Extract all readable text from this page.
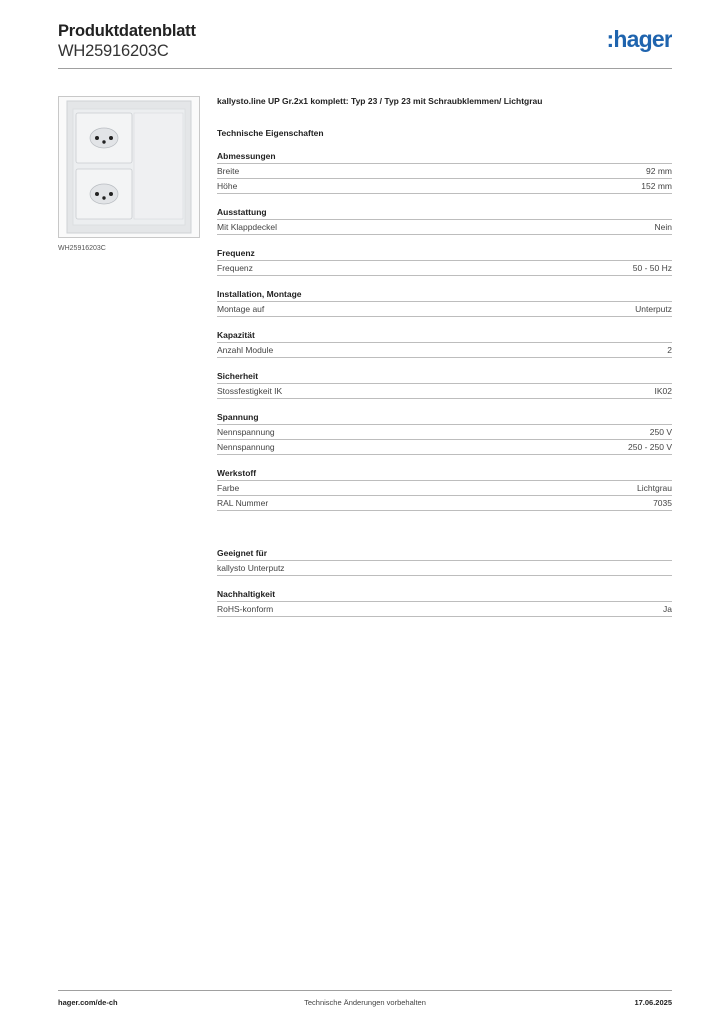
Produktdatenblatt
WH25916203C	:hager
WH25916203C
kallysto.line UP Gr.2x1 komplett: Typ 23 / Typ 23 mit Schraubklemmen/ Lichtgrau
Technische Eigenschaften
Abmessungen
Breite	92 mm
Höhe	152 mm
Ausstattung
Mit Klappdeckel	Nein
Frequenz
Frequenz	50 - 50 Hz
Installation, Montage
Montage auf	Unterputz
Kapazität
Anzahl Module	2
Sicherheit
Stossfestigkeit IK	IK02
Spannung
Nennspannung	250 V
Nennspannung	250 - 250 V
Werkstoff
Farbe	Lichtgrau
RAL Nummer	7035
Geeignet für
kallysto Unterputz
Nachhaltigkeit
RoHS-konform	Ja
hager.com/de-ch	Technische Änderungen vorbehalten	17.06.2025
